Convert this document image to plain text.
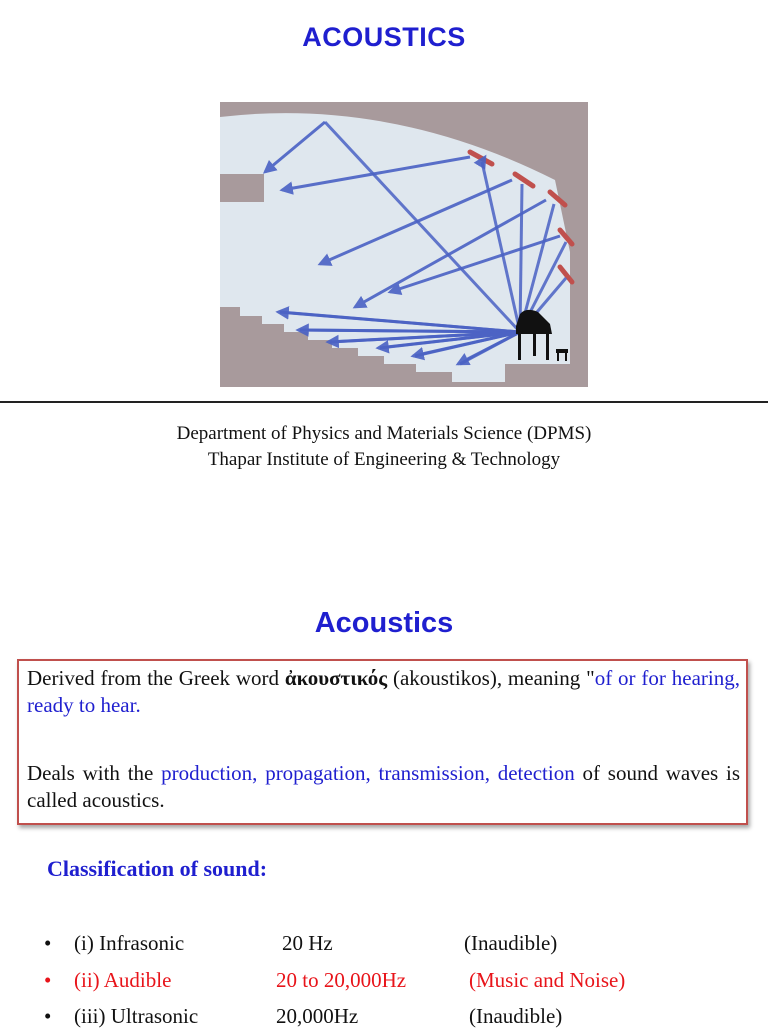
ACOUSTICS
Department of Physics and Materials Science (DPMS)
Thapar Institute of Engineering & Technology
Acoustics

Derived from the Greek word ἀκουστικός (akoustikos), meaning "of or for hearing, ready to hear.

Deals with the production, propagation, transmission, detection of sound waves is called acoustics.

Classification of sound:
• (i) Infrasonic	20 Hz	(Inaudible)
• (ii) Audible	20 to 20,000Hz	(Music and Noise)
• (iii) Ultrasonic	20,000Hz	(Inaudible)
